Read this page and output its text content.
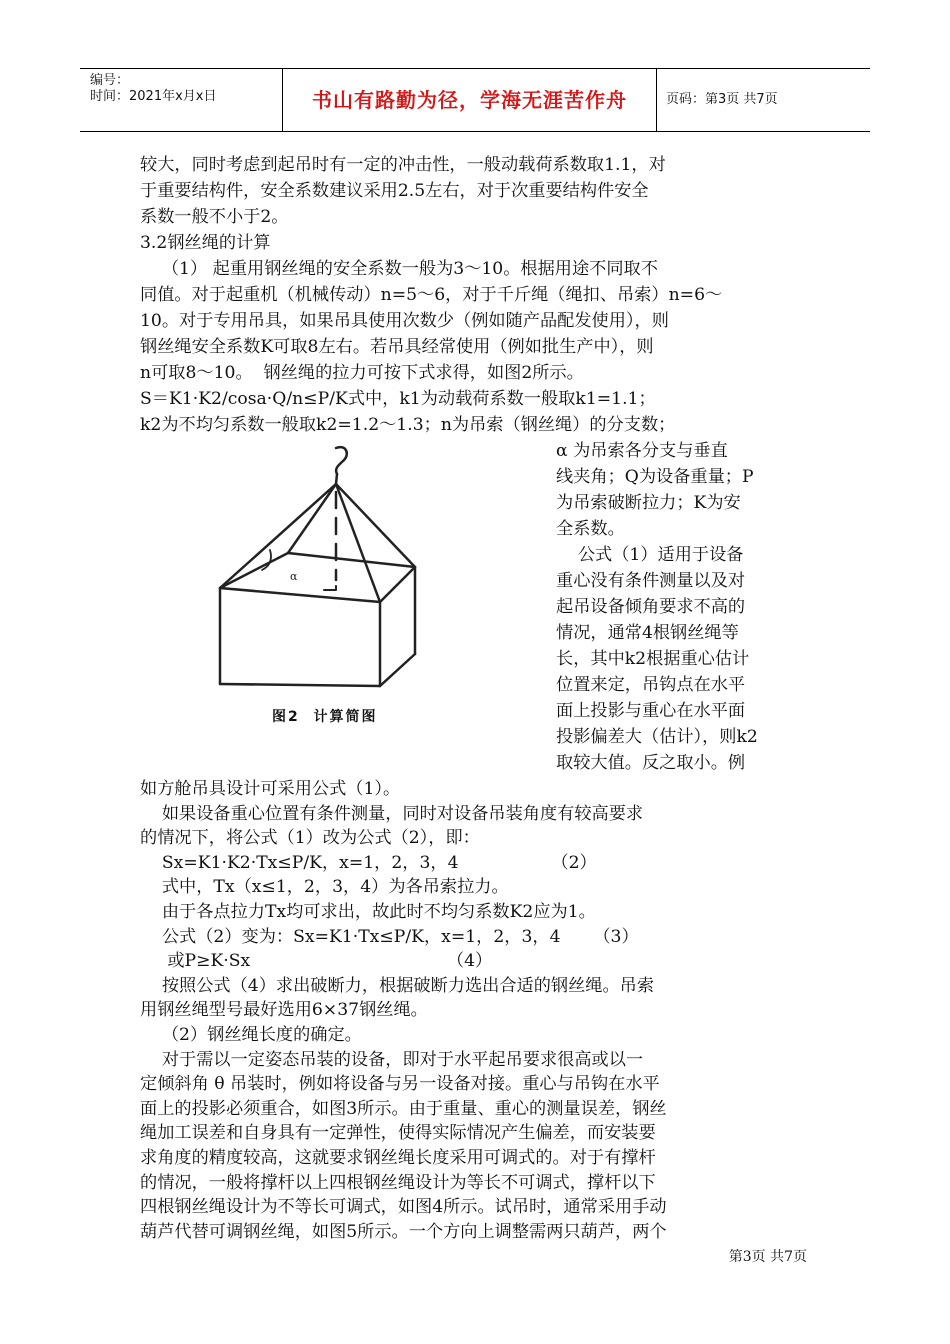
编号：
时间：2021年x月x日	书山有路勤为径，学海无涯苦作舟	页码：第3页 共7页
较大，同时考虑到起吊时有一定的冲击性，一般动载荷系数取1.1，对
于重要结构件，安全系数建议采用2.5左右，对于次重要结构件安全
系数一般不小于2。
3.2钢丝绳的计算
（1） 起重用钢丝绳的安全系数一般为3～10。根据用途不同取不
同值。对于起重机（机械传动）n=5～6，对于千斤绳（绳扣、吊索）n=6～
10。对于专用吊具，如果吊具使用次数少（例如随产品配发使用），则
钢丝绳安全系数K可取8左右。若吊具经常使用（例如批生产中），则
n可取8～10。  钢丝绳的拉力可按下式求得，如图2所示。
S＝K1·K2/cosa·Q/n≤P/K式中，k1为动载荷系数一般取k1=1.1；
k2为不均匀系数一般取k2=1.2～1.3；n为吊索（钢丝绳）的分支数；
α 为吊索各分支与垂直
线夹角；Q为设备重量；P
为吊索破断拉力；K为安
全系数。
公式（1）适用于设备
重心没有条件测量以及对
起吊设备倾角要求不高的
情况，通常4根钢丝绳等
长，其中k2根据重心估计
位置来定，吊钩点在水平
面上投影与重心在水平面
投影偏差大（估计），则k2
取较大值。反之取小。例
α
图2  计算简图
如方舱吊具设计可采用公式（1）。
如果设备重心位置有条件测量，同时对设备吊装角度有较高要求
的情况下，将公式（1）改为公式（2），即：
Sx=K1·K2·Tx≤P/K，x=1，2，3，4                 （2）
式中，Tx（x≤1，2，3，4）为各吊索拉力。
由于各点拉力Tx均可求出，故此时不均匀系数K2应为1。
公式（2）变为：Sx=K1·Tx≤P/K，x=1，2，3，4      （3）
或P≥K·Sx                                    （4）
按照公式（4）求出破断力，根据破断力选出合适的钢丝绳。吊索
用钢丝绳型号最好选用6×37钢丝绳。
（2）钢丝绳长度的确定。
对于需以一定姿态吊装的设备，即对于水平起吊要求很高或以一
定倾斜角 θ 吊装时，例如将设备与另一设备对接。重心与吊钩在水平
面上的投影必须重合，如图3所示。由于重量、重心的测量误差，钢丝
绳加工误差和自身具有一定弹性，使得实际情况产生偏差，而安装要
求角度的精度较高，这就要求钢丝绳长度采用可调式的。对于有撑杆
的情况，一般将撑杆以上四根钢丝绳设计为等长不可调式，撑杆以下
四根钢丝绳设计为不等长可调式，如图4所示。试吊时，通常采用手动
葫芦代替可调钢丝绳，如图5所示。一个方向上调整需两只葫芦，两个
第3页 共7页
